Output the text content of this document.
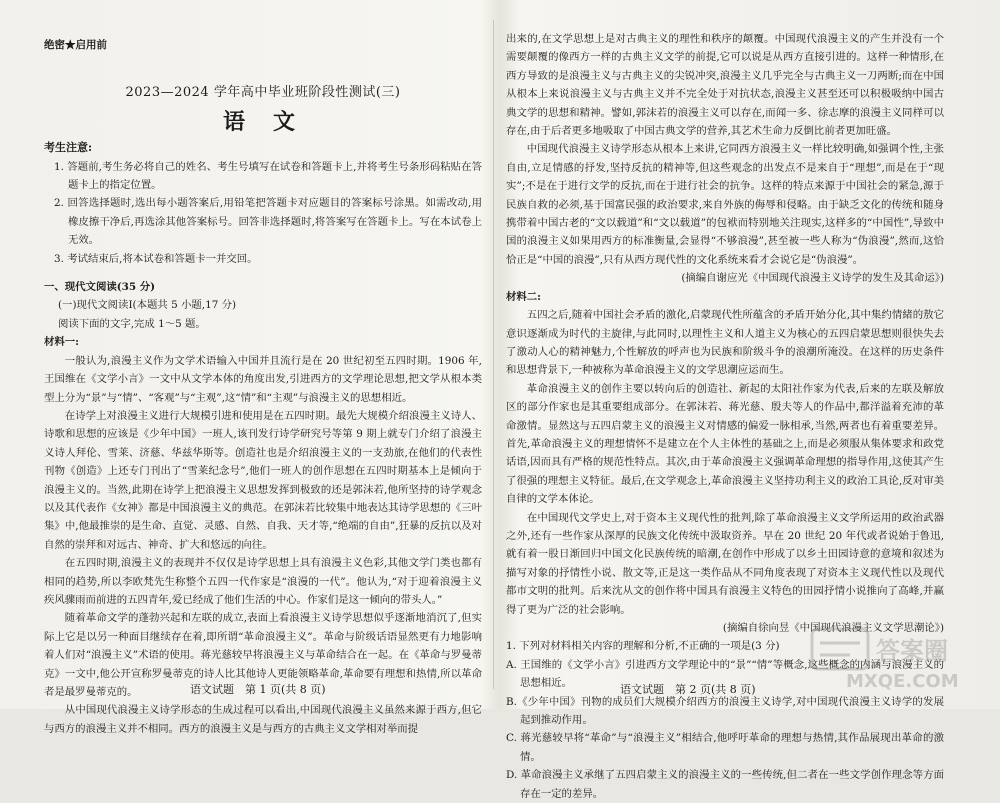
绝密★启用前

2023—2024 学年高中毕业班阶段性测试(三)

语文

考生注意:

1. 答题前,考生务必将自己的姓名、考生号填写在试卷和答题卡上,并将考生号条形码粘贴在答题卡上的指定位置。

2. 回答选择题时,选出每小题答案后,用铅笔把答题卡对应题目的答案标号涂黑。如需改动,用橡皮擦干净后,再选涂其他答案标号。回答非选择题时,将答案写在答题卡上。写在本试卷上无效。

3. 考试结束后,将本试卷和答题卡一并交回。

一、现代文阅读(35 分)

(一)现代文阅读Ⅰ(本题共 5 小题,17 分)

阅读下面的文字,完成 1～5 题。

材料一:

一般认为,浪漫主义作为文学术语输入中国并且流行是在 20 世纪初至五四时期。1906 年,王国维在《文学小言》一文中从文学本体的角度出发,引进西方的文学理论思想,把文学从根本类型上分为“景”与“情”、“客观”与“主观”,这“情”和“主观”与浪漫主义的思想相近。

在诗学上对浪漫主义进行大规模引进和使用是在五四时期。最先大规模介绍浪漫主义诗人、诗歌和思想的应该是《少年中国》一班人,该刊发行诗学研究号等第 9 期上就专门介绍了浪漫主义诗人拜伦、雪莱、济慈、华兹华斯等。创造社也是介绍浪漫主义的一支劲旅,在他们的代表性刊物《创造》上还专门刊出了“雪莱纪念号”,他们一班人的创作思想在五四时期基本上是倾向于浪漫主义的。当然,此期在诗学上把浪漫主义思想发挥到极致的还是郭沫若,他所坚持的诗学观念以及其代表作《女神》都是中国浪漫主义的典范。在郭沫若比较集中地表达其诗学思想的《三叶集》中,他最推崇的是生命、直觉、灵感、自然、自我、天才等,“绝端的自由”,狂暴的反抗以及对自然的崇拜和对远古、神奇、扩大和悠远的向往。

在五四时期,浪漫主义的表现并不仅仅是诗学思想上具有浪漫主义色彩,其他文学门类也都有相同的趋势,所以李欧梵先生称整个五四一代作家是“浪漫的一代”。他认为,“对于迎着浪漫主义疾风骤雨而前进的五四青年,爱已经成了他们生活的中心。作家们是这一倾向的带头人。”

随着革命文学的蓬勃兴起和左联的成立,表面上看浪漫主义诗学思想似乎逐渐地消沉了,但实际上它是以另一种面目继续存在着,即所谓“革命浪漫主义”。革命与阶级话语显然更有力地影响着人们对“浪漫主义”术语的使用。蒋光慈较早将浪漫主义与革命结合在一起。在《革命与罗曼蒂克》一文中,他公开宣称罗曼蒂克的诗人比其他诗人更能领略革命,革命要有理想和热情,所以革命者是最罗曼蒂克的。

从中国现代浪漫主义诗学形态的生成过程可以看出,中国现代浪漫主义虽然来源于西方,但它与西方的浪漫主义并不相同。西方的浪漫主义是与西方的古典主义文学相对举而提

出来的,在文学思想上是对古典主义的理性和秩序的颠覆。中国现代浪漫主义的产生并没有一个需要颠覆的像西方一样的古典主义文学的前提,它可以说是从西方直接引进的。这样一种情形,在西方导致的是浪漫主义与古典主义的尖锐冲突,浪漫主义几乎完全与古典主义一刀两断;而在中国从根本上来说浪漫主义与古典主义并不完全处于对抗状态,浪漫主义甚至还可以积极吸纳中国古典文学的思想和精神。譬如,郭沫若的浪漫主义可以存在,而闻一多、徐志摩的浪漫主义同样可以存在,由于后者更多地吸取了中国古典文学的营养,其艺术生命力反倒比前者更加旺盛。

中国现代浪漫主义诗学形态从根本上来讲,它同西方浪漫主义一样比较明确,如强调个性,主张自由,立足情感的抒发,坚持反抗的精神等,但这些观念的出发点不是来自于“理想”,而是在于“现实”;不是在于进行文学的反抗,而在于进行社会的抗争。这样的特点来源于中国社会的紧急,源于民族自救的必须,基于国富民强的政治要求,来自外族的侮辱和侵略。由于缺乏文化的传统和随身携带着中国古老的“文以载道”和“文以载道”的包袱而特别地关注现实,这样多的“中国性”,导致中国的浪漫主义如果用西方的标准衡量,会显得“不够浪漫”,甚至被一些人称为“伪浪漫”,然而,这恰恰正是“中国的浪漫”,只有从西方现代性的文化系统来看才会说它是“伪浪漫”。

(摘编自谢应光《中国现代浪漫主义诗学的发生及其命运》)

材料二:

五四之后,随着中国社会矛盾的激化,启蒙现代性所蕴含的矛盾开始分化,其中集约情緒的敖它意识逐渐成为时代的主旋律,与此同时,以理性主义和人道主义为核心的五四启蒙思想则很快失去了激动人心的精神魅力,个性解放的呼声也为民族和阶级斗争的浪潮所淹没。在这样的历史条件和思想背景下,一种被称为革命浪漫主义的文学思潮应运而生。

革命浪漫主义的创作主要以转向后的创造社、新起的太阳社作家为代表,后来的左联及解放区的部分作家也是其重要组成部分。在郭沫若、蒋光慈、殷夫等人的作品中,都洋溢着充沛的革命激情。显然这与五四启蒙主义的浪漫主义对情感的偏爱一脉相承,当然,两者也有着重要差异。首先,革命浪漫主义的理想情怀不是建立在个人主体性的基础之上,而是必须服从集体要求和政党话语,因而具有严格的规范性特点。其次,由于革命浪漫主义强调革命理想的指导作用,这使其产生了很强的理想主义特征。最后,在文学观念上,革命浪漫主义坚持功利主义的政治工具论,反对审美自律的文学本体论。

在中国现代文学史上,对于资本主义现代性的批判,除了革命浪漫主义文学所运用的政治武器之外,还有一些作家从深厚的民族文化传统中汲取资养。早在 20 世纪 20 年代或者说始于鲁迅,就有着一股日渐回归中国文化民族传统的暗潮,在创作中形成了以乡土田园诗意的意境和叙述为描写对象的抒情性小说、散文等,正是这一类作品从不同角度表现了对资本主义现代性以及现代都市文明的批判。后来沈从文的创作将中国具有浪漫主义特色的田园抒情小说推向了高峰,并赢得了更为广泛的社会影响。

(摘编自徐向昱《中国现代浪漫主义文学思潮论》)

1. 下列对材料相关内容的理解和分析,不正确的一项是(3 分)

A. 王国维的《文学小言》引进西方文学理论中的“景”“情”等概念,这些概念的内涵与浪漫主义的思想相近。

B.《少年中国》刊物的成员们大规模介绍西方的浪漫主义诗学,对中国现代浪漫主义诗学的发展起到推动作用。

C. 蒋光慈较早将“革命”与“浪漫主义”相结合,他呼吁革命的理想与热情,其作品展现出革命的激情。

D. 革命浪漫主义承继了五四启蒙主义的浪漫主义的一些传统,但二者在一些文学创作理念等方面存在一定的差异。

语文试题　第 1 页(共 8 页)	语文试题　第 2 页(共 8 页)
答案圈
MXQE.COM
